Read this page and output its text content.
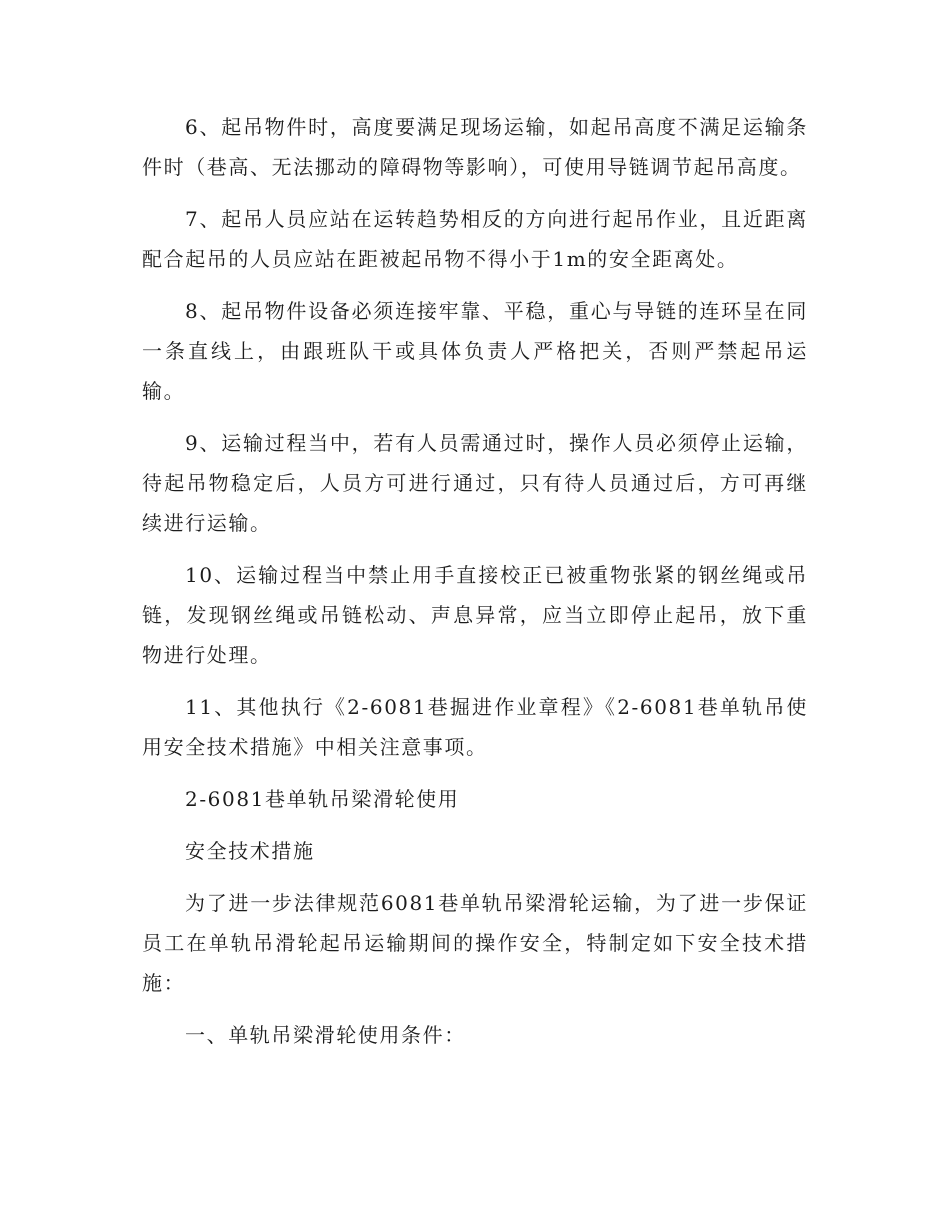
6、起吊物件时，高度要满足现场运输，如起吊高度不满足运输条件时（巷高、无法挪动的障碍物等影响），可使用导链调节起吊高度。

7、起吊人员应站在运转趋势相反的方向进行起吊作业，且近距离配合起吊的人员应站在距被起吊物不得小于1m的安全距离处。

8、起吊物件设备必须连接牢靠、平稳，重心与导链的连环呈在同一条直线上，由跟班队干或具体负责人严格把关，否则严禁起吊运输。

9、运输过程当中，若有人员需通过时，操作人员必须停止运输，待起吊物稳定后，人员方可进行通过，只有待人员通过后，方可再继续进行运输。

10、运输过程当中禁止用手直接校正已被重物张紧的钢丝绳或吊链，发现钢丝绳或吊链松动、声息异常，应当立即停止起吊，放下重物进行处理。

11、其他执行《2-6081巷掘进作业章程》《2-6081巷单轨吊使用安全技术措施》中相关注意事项。

2-6081巷单轨吊梁滑轮使用

安全技术措施

为了进一步法律规范6081巷单轨吊梁滑轮运输，为了进一步保证员工在单轨吊滑轮起吊运输期间的操作安全，特制定如下安全技术措施：

一、单轨吊梁滑轮使用条件：
